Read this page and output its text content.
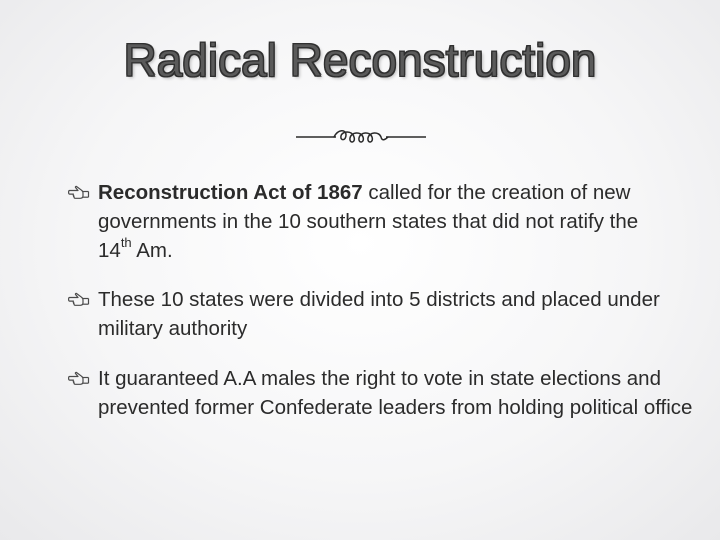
Radical Reconstruction
Reconstruction Act of 1867 called for the creation of new governments in the 10 southern states that did not ratify the 14th Am.
These 10 states were divided into 5 districts and placed under military authority
It guaranteed A.A males the right to vote in state elections and prevented former Confederate leaders from holding political office
